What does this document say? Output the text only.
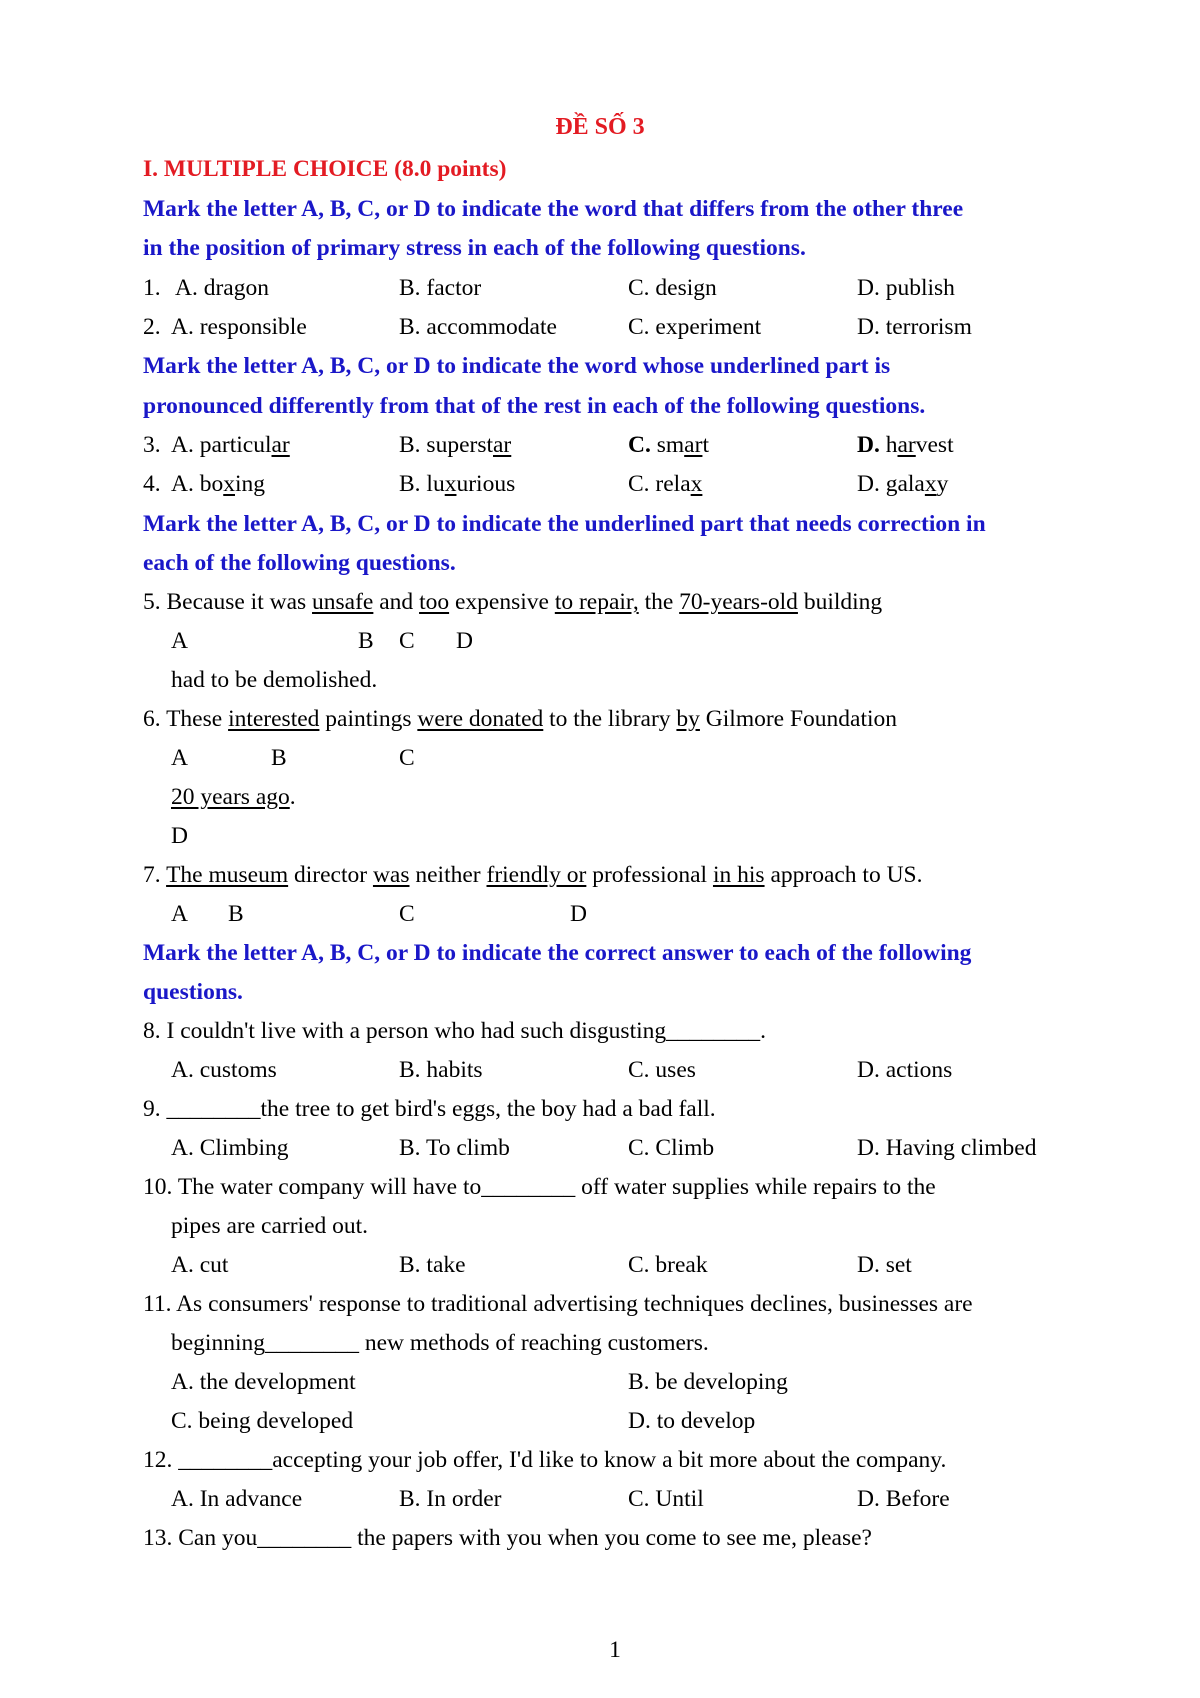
ĐỀ SỐ 3
I. MULTIPLE CHOICE (8.0 points)
Mark the letter A, B, C, or D to indicate the word that differs from the other three
in the position of primary stress in each of the following questions.
1. A. dragon	B. factor	C. design	D. publish
2. A. responsible	B. accommodate	C. experiment	D. terrorism
Mark the letter A, B, C, or D to indicate the word whose underlined part is
pronounced differently from that of the rest in each of the following questions.
3. A. particular	B. superstar	C. smart	D. harvest
4. A. boxing	B. luxurious	C. relax	D. galaxy
Mark the letter A, B, C, or D to indicate the underlined part that needs correction in
each of the following questions.
5. Because it was unsafe and too expensive to repair, the 70-years-old building
A	B C D
had to be demolished.
6. These interested paintings were donated to the library by Gilmore Foundation
A	B	C
20 years ago.
D
7. The museum director was neither friendly or professional in his approach to US.
A B	C	D
Mark the letter A, B, C, or D to indicate the correct answer to each of the following
questions.
8. I couldn't live with a person who had such disgusting________.
A. customs	B. habits	C. uses	D. actions
9. ________the tree to get bird's eggs, the boy had a bad fall.
A. Climbing	B. To climb	C. Climb	D. Having climbed
10. The water company will have to________ off water supplies while repairs to the
pipes are carried out.
A. cut	B. take	C. break	D. set
11. As consumers' response to traditional advertising techniques declines, businesses are
beginning________ new methods of reaching customers.
A. the development	B. be developing
C. being developed	D. to develop
12. ________accepting your job offer, I'd like to know a bit more about the company.
A. In advance	B. In order	C. Until	D. Before
13. Can you________ the papers with you when you come to see me, please?
1
